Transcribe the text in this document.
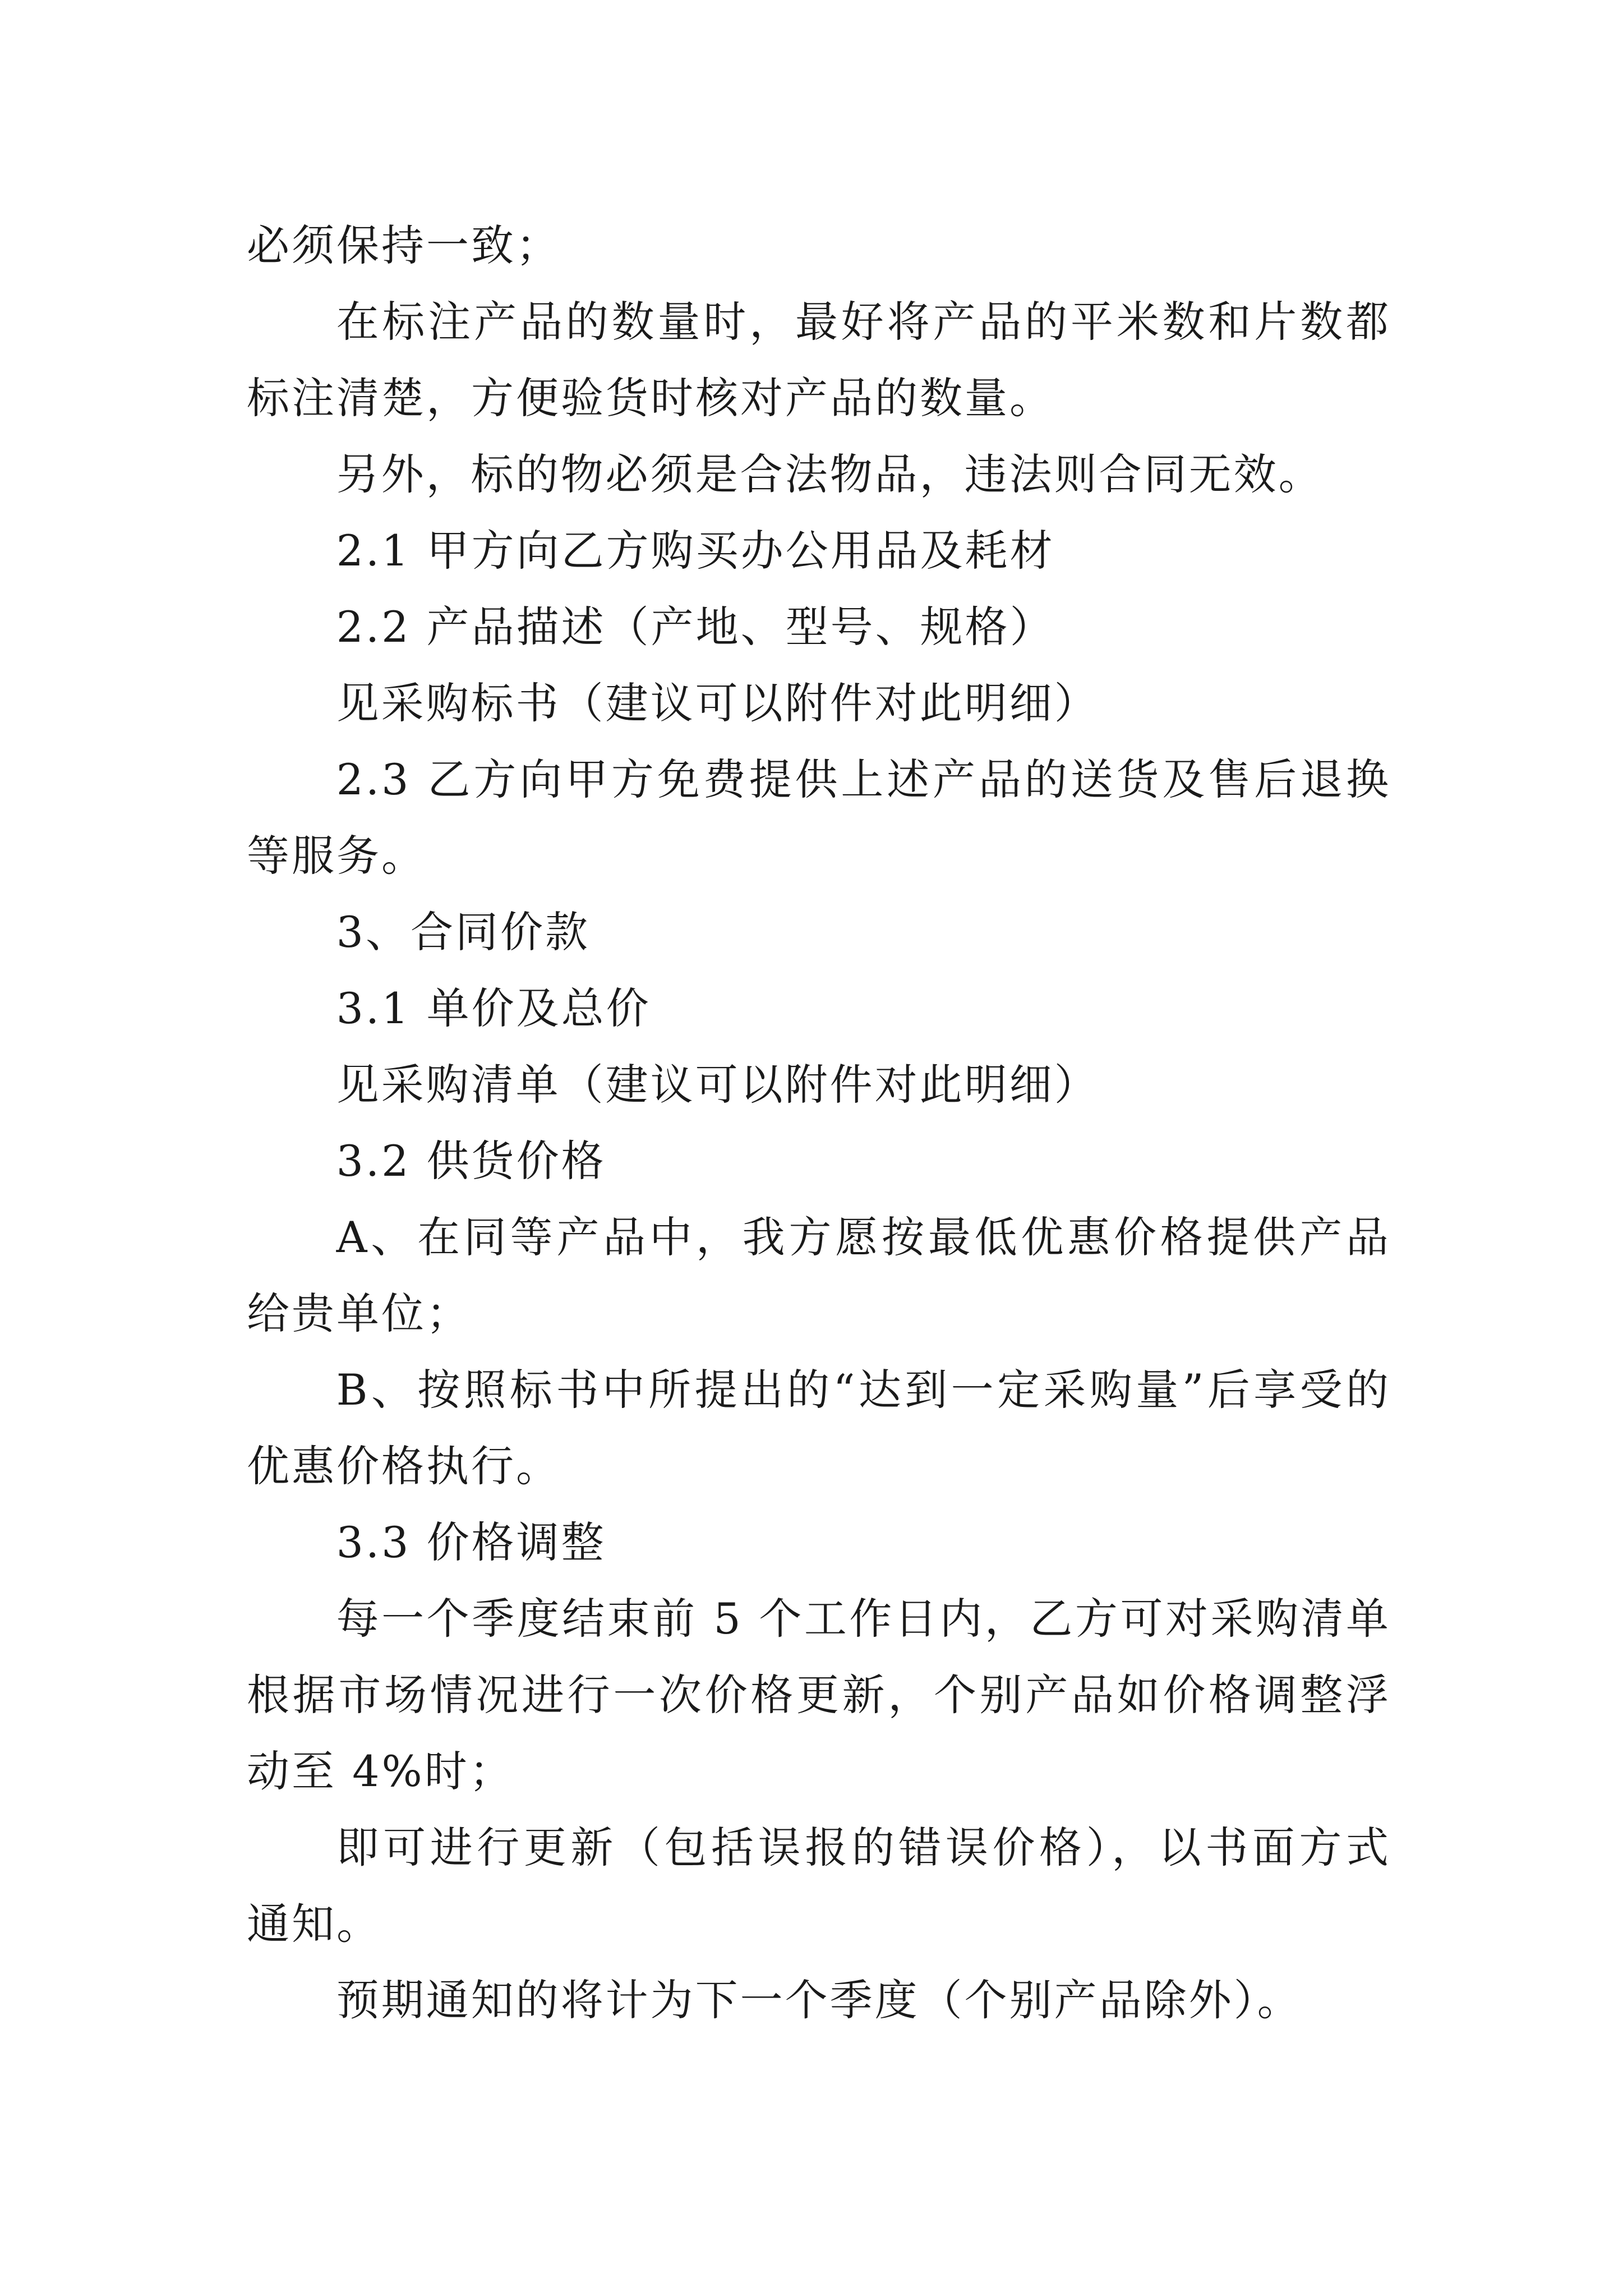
必须保持一致；

在标注产品的数量时，最好将产品的平米数和片数都标注清楚，方便验货时核对产品的数量。

另外，标的物必须是合法物品，违法则合同无效。

2.1 甲方向乙方购买办公用品及耗材

2.2 产品描述（产地、型号、规格）

见采购标书（建议可以附件对此明细）

2.3 乙方向甲方免费提供上述产品的送货及售后退换等服务。

3、合同价款

3.1 单价及总价

见采购清单（建议可以附件对此明细）

3.2 供货价格

A、在同等产品中，我方愿按最低优惠价格提供产品给贵单位；

B、按照标书中所提出的“达到一定采购量”后享受的优惠价格执行。

3.3 价格调整

每一个季度结束前 5 个工作日内，乙方可对采购清单根据市场情况进行一次价格更新，个别产品如价格调整浮动至 4%时；

即可进行更新（包括误报的错误价格），以书面方式通知。

预期通知的将计为下一个季度（个别产品除外）。
